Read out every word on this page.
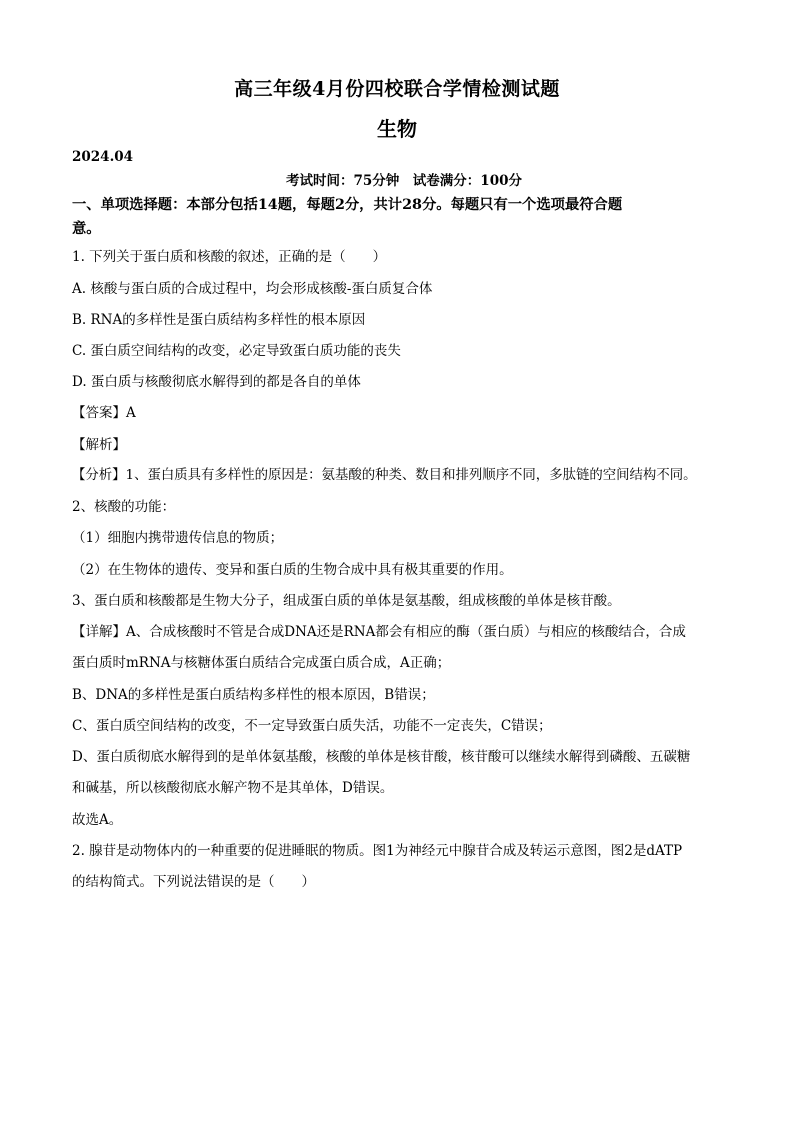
高三年级4月份四校联合学情检测试题
生物
2024.04
考试时间：75分钟　试卷满分：100分
一、单项选择题：本部分包括14题，每题2分，共计28分。每题只有一个选项最符合题
意。
1. 下列关于蛋白质和核酸的叙述，正确的是（　　）
A. 核酸与蛋白质的合成过程中，均会形成核酸-蛋白质复合体
B. RNA的多样性是蛋白质结构多样性的根本原因
C. 蛋白质空间结构的改变，必定导致蛋白质功能的丧失
D. 蛋白质与核酸彻底水解得到的都是各自的单体
【答案】A
【解析】
【分析】1、蛋白质具有多样性的原因是：氨基酸的种类、数目和排列顺序不同，多肽链的空间结构不同。
2、核酸的功能：
（1）细胞内携带遗传信息的物质；
（2）在生物体的遗传、变异和蛋白质的生物合成中具有极其重要的作用。
3、蛋白质和核酸都是生物大分子，组成蛋白质的单体是氨基酸，组成核酸的单体是核苷酸。
【详解】A、合成核酸时不管是合成DNA还是RNA都会有相应的酶（蛋白质）与相应的核酸结合，合成
蛋白质时mRNA与核糖体蛋白质结合完成蛋白质合成，A正确；
B、DNA的多样性是蛋白质结构多样性的根本原因，B错误；
C、蛋白质空间结构的改变，不一定导致蛋白质失活，功能不一定丧失，C错误；
D、蛋白质彻底水解得到的是单体氨基酸，核酸的单体是核苷酸，核苷酸可以继续水解得到磷酸、五碳糖
和碱基，所以核酸彻底水解产物不是其单体，D错误。
故选A。
2. 腺苷是动物体内的一种重要的促进睡眠的物质。图1为神经元中腺苷合成及转运示意图，图2是dATP
的结构简式。下列说法错误的是（　　）
